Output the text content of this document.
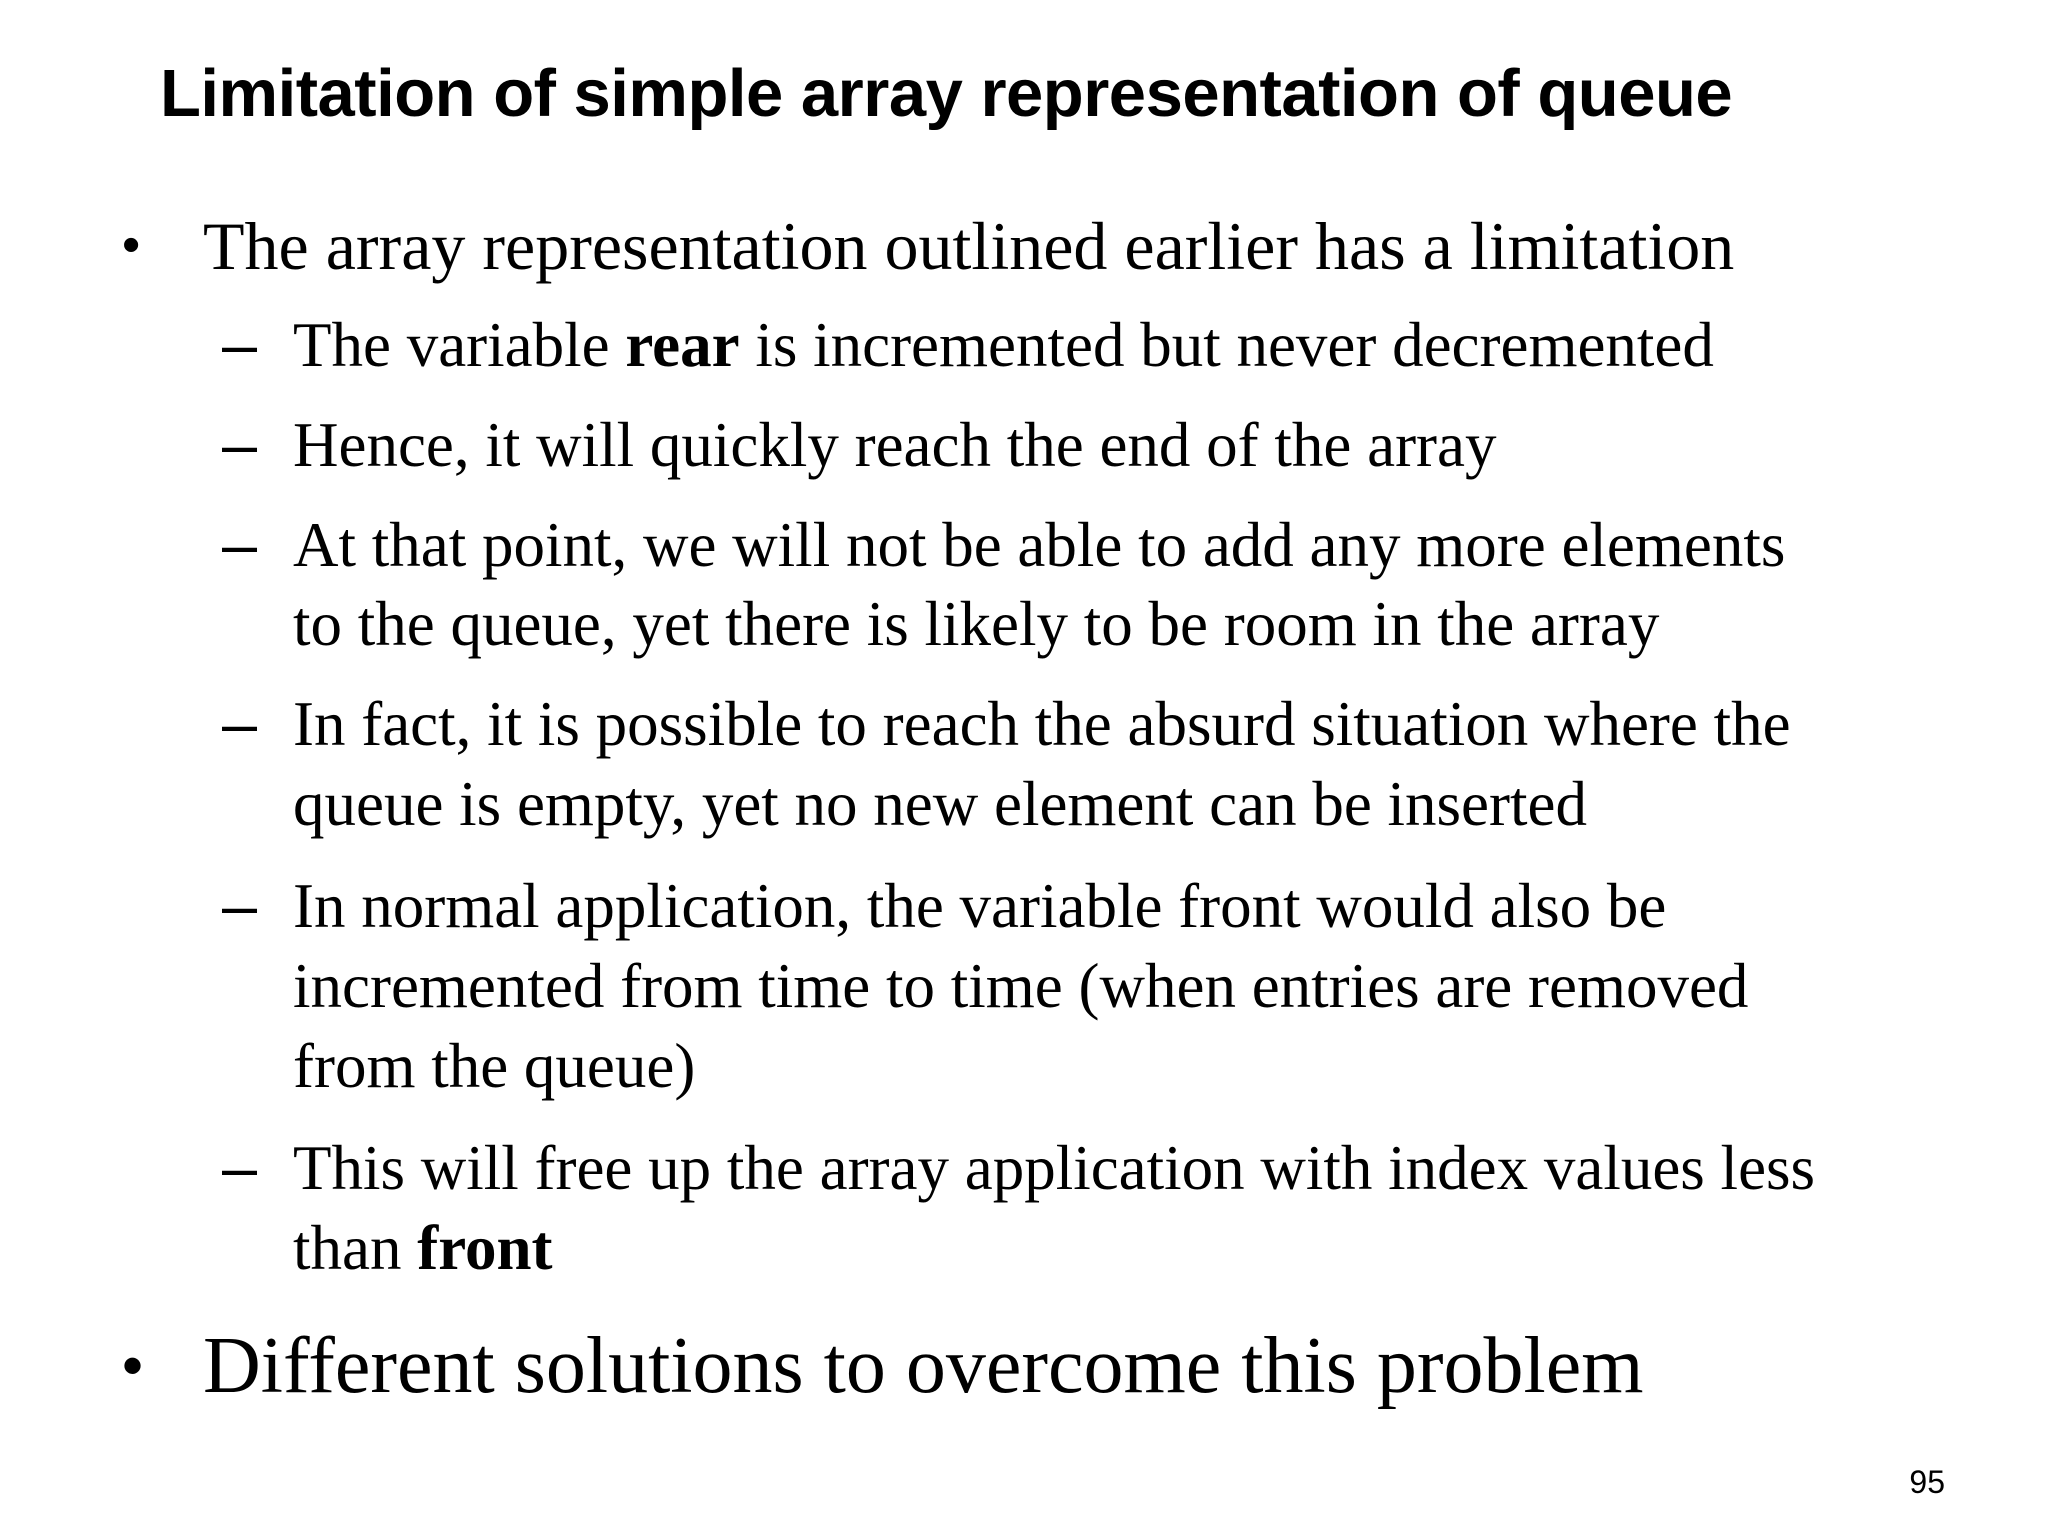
Limitation of simple array representation of queue
• The array representation outlined earlier has a limitation
– The variable rear is incremented but never decremented
– Hence, it will quickly reach the end of the array
– At that point, we will not be able to add any more elements
to the queue, yet there is likely to be room in the array
– In fact, it is possible to reach the absurd situation where the
queue is empty, yet no new element can be inserted
– In normal application, the variable front would also be
incremented from time to time (when entries are removed
from the queue)
– This will free up the array application with index values less
than front
• Different solutions to overcome this problem
95
